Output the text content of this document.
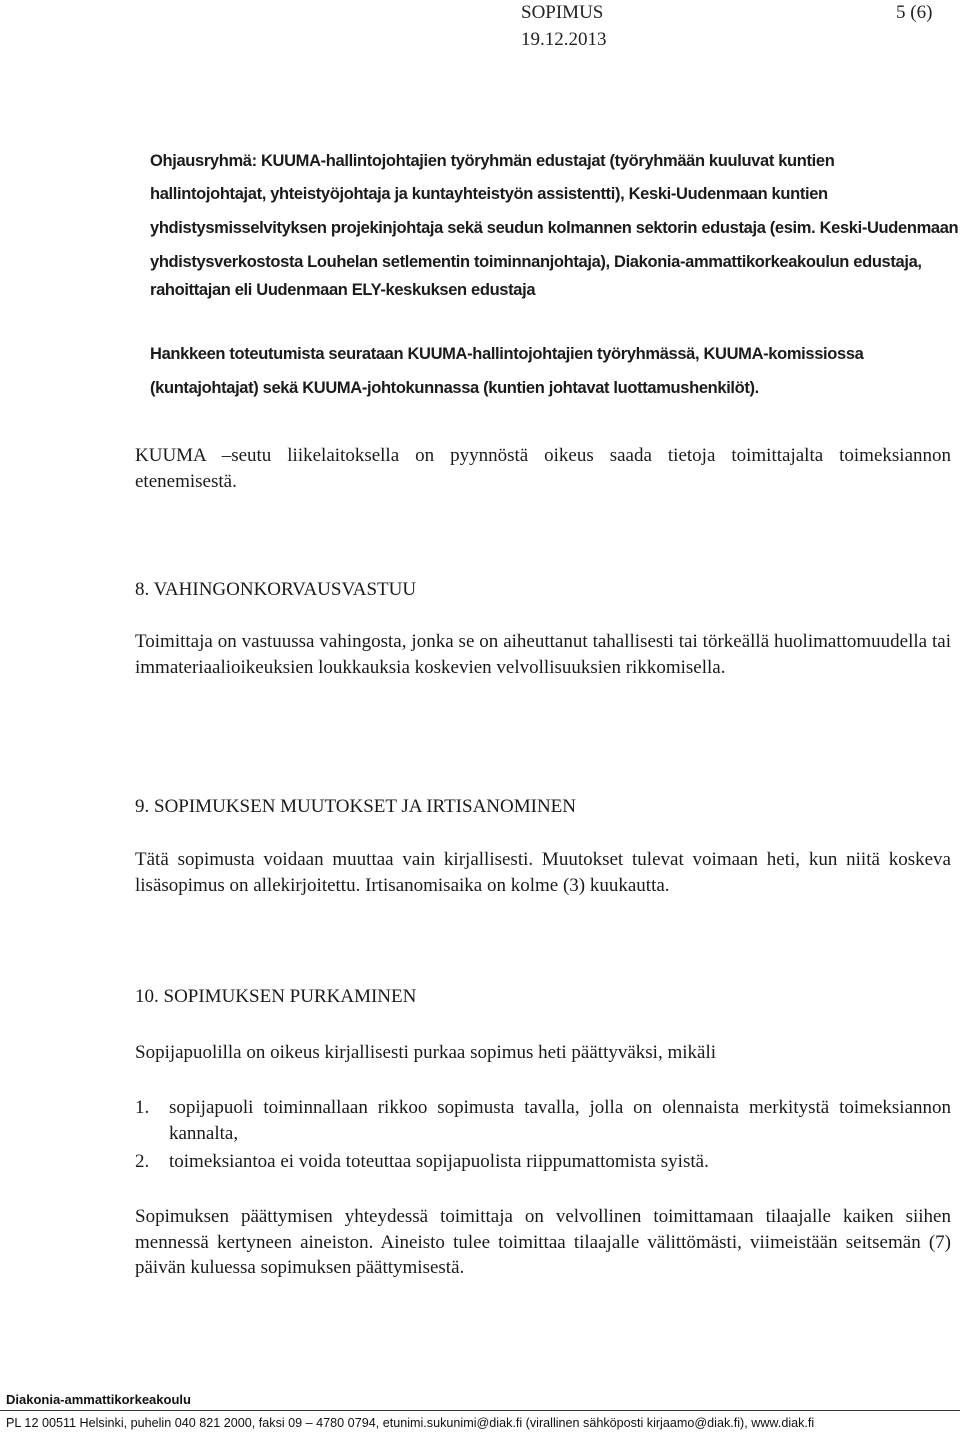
SOPIMUS	5 (6)
19.12.2013
Ohjausryhmä: KUUMA-hallintojohtajien työryhmän edustajat (työryhmään kuuluvat kuntien
hallintojohtajat, yhteistyöjohtaja ja kuntayhteistyön assistentti), Keski-Uudenmaan kuntien
yhdistysmisselvityksen projekinjohtaja sekä seudun kolmannen sektorin edustaja (esim. Keski-Uudenmaan
yhdistysverkostosta Louhelan setlementin toiminnanjohtaja), Diakonia-ammattikorkeakoulun edustaja,
rahoittajan eli Uudenmaan ELY-keskuksen edustaja
Hankkeen toteutumista seurataan KUUMA-hallintojohtajien työryhmässä, KUUMA-komissiossa
(kuntajohtajat) sekä KUUMA-johtokunnassa (kuntien johtavat luottamushenkilöt).
KUUMA –seutu liikelaitoksella on pyynnöstä oikeus saada tietoja toimittajalta toimeksiannon etenemisestä.
8. VAHINGONKORVAUSVASTUU
Toimittaja on vastuussa vahingosta, jonka se on aiheuttanut tahallisesti tai törkeällä huolimattomuudella tai immateriaalioikeuksien loukkauksia koskevien velvollisuuksien rikkomisella.
9. SOPIMUKSEN MUUTOKSET JA IRTISANOMINEN
Tätä sopimusta voidaan muuttaa vain kirjallisesti. Muutokset tulevat voimaan heti, kun niitä koskeva lisäsopimus on allekirjoitettu. Irtisanomisaika on kolme (3) kuukautta.
10. SOPIMUKSEN PURKAMINEN
Sopijapuolilla on oikeus kirjallisesti purkaa sopimus heti päättyväksi, mikäli
1. sopijapuoli toiminnallaan rikkoo sopimusta tavalla, jolla on olennaista merkitystä toimeksiannon kannalta,
2. toimeksiantoa ei voida toteuttaa sopijapuolista riippumattomista syistä.
Sopimuksen päättymisen yhteydessä toimittaja on velvollinen toimittamaan tilaajalle kaiken siihen mennessä kertyneen aineiston. Aineisto tulee toimittaa tilaajalle välittömästi, viimeistään seitsemän (7) päivän kuluessa sopimuksen päättymisestä.
Diakonia-ammattikorkeakoulu
PL 12 00511 Helsinki, puhelin 040 821 2000, faksi 09 – 4780 0794, etunimi.sukunimi@diak.fi (virallinen sähköposti kirjaamo@diak.fi), www.diak.fi
